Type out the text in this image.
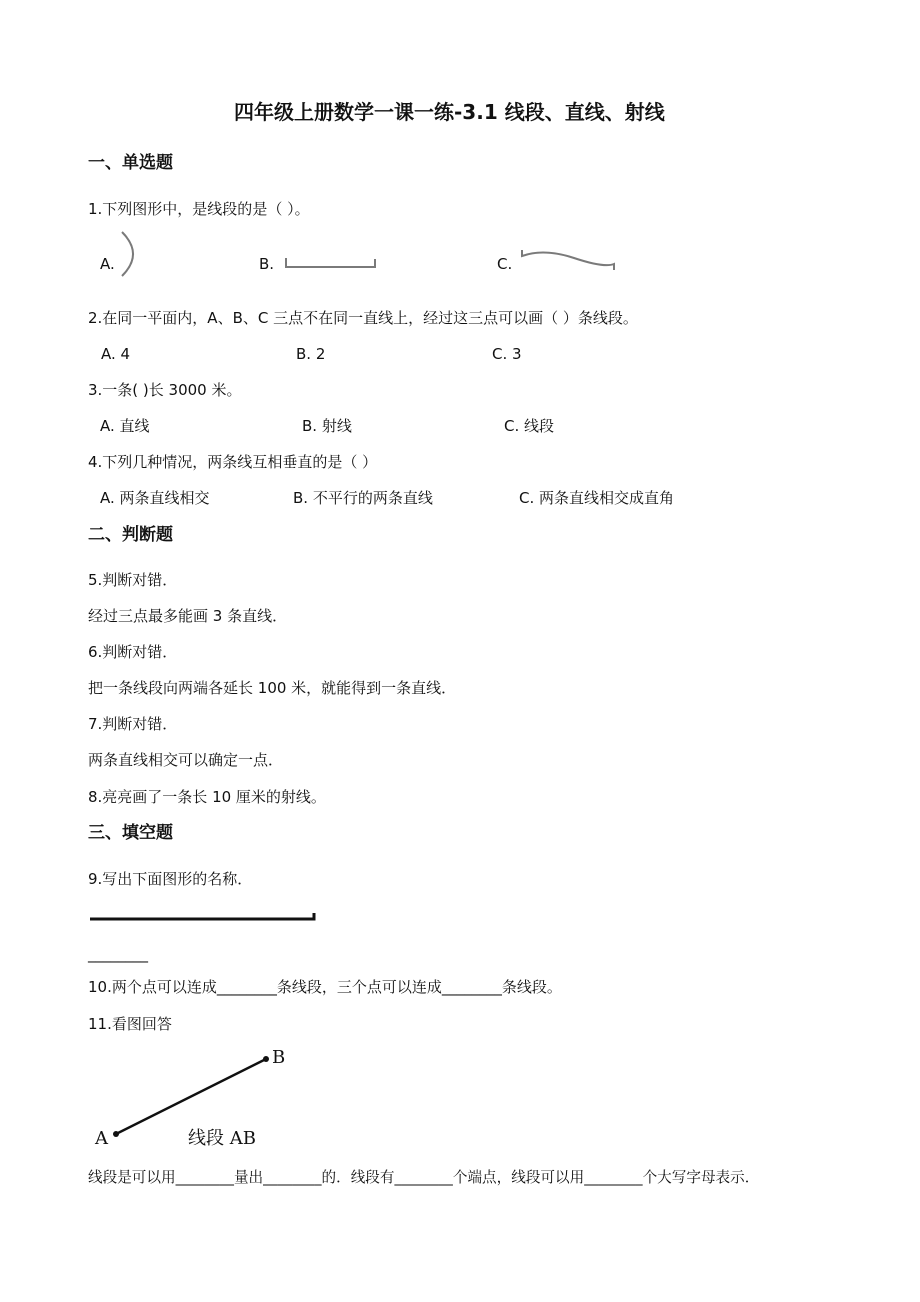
四年级上册数学一课一练-3.1 线段、直线、射线
一、单选题
1.下列图形中，是线段的是（ ）。
A.	B.	C.
2.在同一平面内，A、B、C 三点不在同一直线上，经过这三点可以画（ ）条线段。
A. 4	B. 2	C. 3
3.一条( )长 3000 米。
A. 直线	B. 射线	C. 线段
4.下列几种情况，两条线互相垂直的是（ ）
A. 两条直线相交	B. 不平行的两条直线	C. 两条直线相交成直角
二、判断题
5.判断对错．
经过三点最多能画 3 条直线．
6.判断对错．
把一条线段向两端各延长 100 米，就能得到一条直线．
7.判断对错．
两条直线相交可以确定一点．
8.亮亮画了一条长 10 厘米的射线。
三、填空题
9.写出下面图形的名称．
________
10.两个点可以连成________条线段，三个点可以连成________条线段。
11.看图回答
A
B
线段 AB
线段是可以用________量出________的．线段有________个端点，线段可以用________个大写字母表示．
